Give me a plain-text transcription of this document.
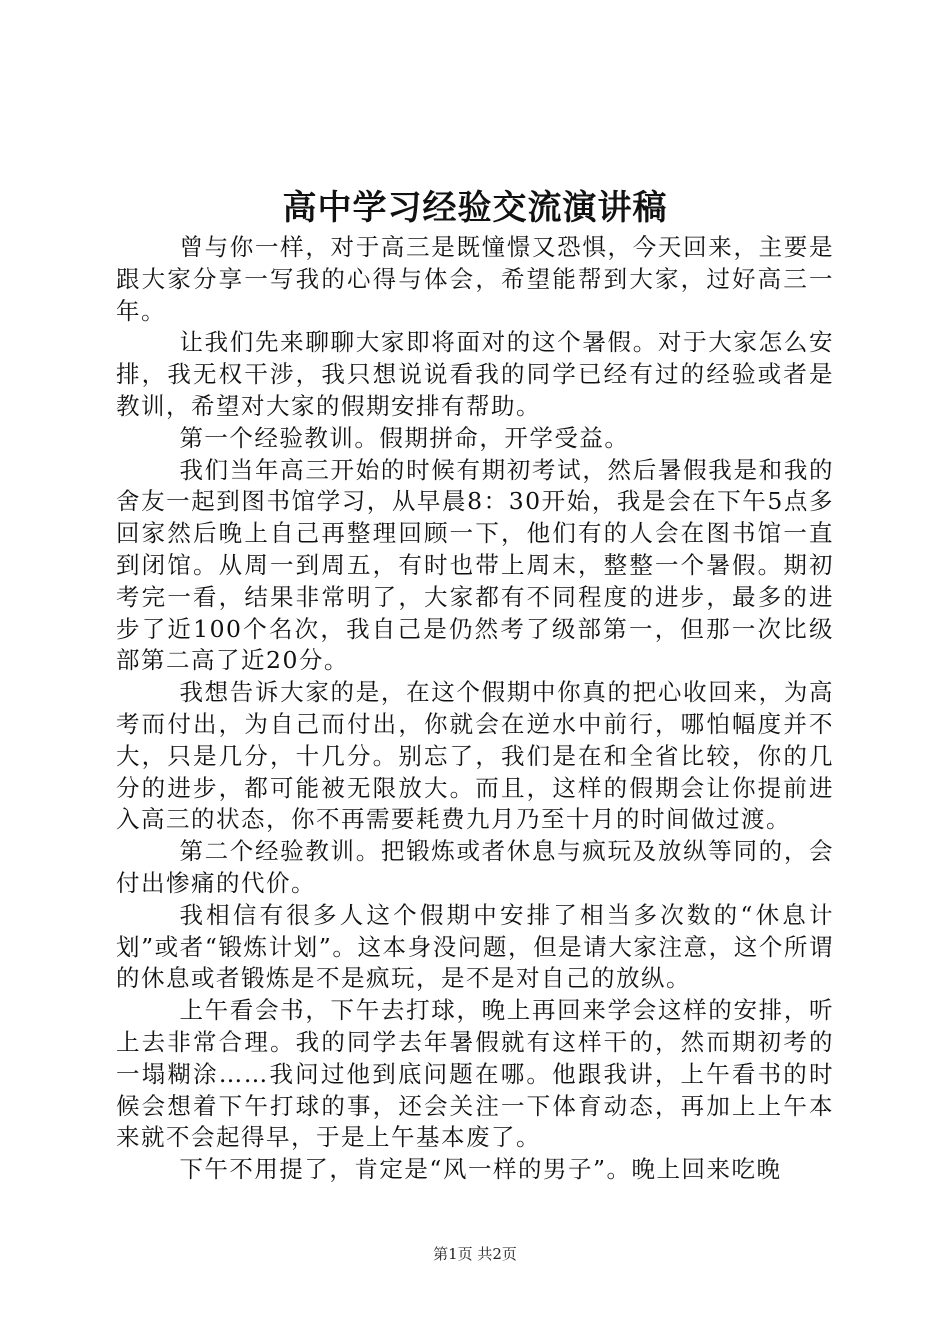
高中学习经验交流演讲稿

曾与你一样，对于高三是既憧憬又恐惧，今天回来，主要是跟大家分享一写我的心得与体会，希望能帮到大家，过好高三一年。

让我们先来聊聊大家即将面对的这个暑假。对于大家怎么安排，我无权干涉，我只想说说看我的同学已经有过的经验或者是教训，希望对大家的假期安排有帮助。

第一个经验教训。假期拼命，开学受益。

我们当年高三开始的时候有期初考试，然后暑假我是和我的舍友一起到图书馆学习，从早晨8：30开始，我是会在下午5点多回家然后晚上自己再整理回顾一下，他们有的人会在图书馆一直到闭馆。从周一到周五，有时也带上周末，整整一个暑假。期初考完一看，结果非常明了，大家都有不同程度的进步，最多的进步了近100个名次，我自己是仍然考了级部第一，但那一次比级部第二高了近20分。

我想告诉大家的是，在这个假期中你真的把心收回来，为高考而付出，为自己而付出，你就会在逆水中前行，哪怕幅度并不大，只是几分，十几分。别忘了，我们是在和全省比较，你的几分的进步，都可能被无限放大。而且，这样的假期会让你提前进入高三的状态，你不再需要耗费九月乃至十月的时间做过渡。

第二个经验教训。把锻炼或者休息与疯玩及放纵等同的，会付出惨痛的代价。

我相信有很多人这个假期中安排了相当多次数的“休息计划”或者“锻炼计划”。这本身没问题，但是请大家注意，这个所谓的休息或者锻炼是不是疯玩，是不是对自己的放纵。

上午看会书，下午去打球，晚上再回来学会这样的安排，听上去非常合理。我的同学去年暑假就有这样干的，然而期初考的一塌糊涂……我问过他到底问题在哪。他跟我讲，上午看书的时候会想着下午打球的事，还会关注一下体育动态，再加上上午本来就不会起得早，于是上午基本废了。

下午不用提了，肯定是“风一样的男子”。晚上回来吃晚

第1页 共2页
